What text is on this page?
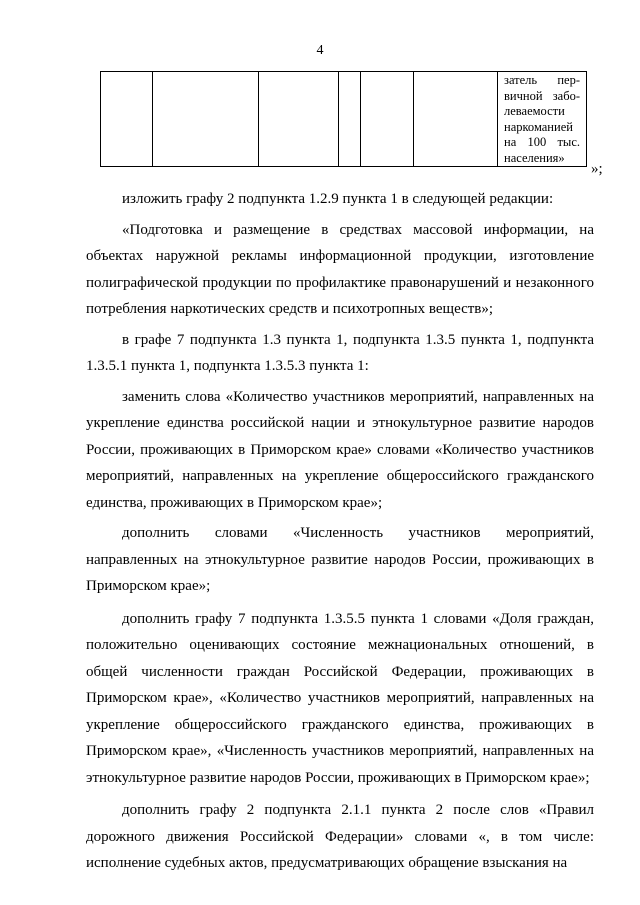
4

затель пер-
вичной забо-
леваемости
наркоманией
на 100 тыс.
населения»
»;

изложить графу 2 подпункта 1.2.9 пункта 1 в следующей редакции:

«Подготовка и размещение в средствах массовой информации, на объектах наружной рекламы информационной продукции, изготовление полиграфической продукции по профилактике правонарушений и незаконного потребления наркотических средств и психотропных веществ»;

в графе 7 подпункта 1.3 пункта 1, подпункта 1.3.5 пункта 1, подпункта 1.3.5.1 пункта 1, подпункта 1.3.5.3 пункта 1:

заменить слова «Количество участников мероприятий, направленных на укрепление единства российской нации и этнокультурное развитие народов России, проживающих в Приморском крае» словами «Количество участников мероприятий, направленных на укрепление общероссийского гражданского единства, проживающих в Приморском крае»;

дополнить словами «Численность участников мероприятий, направленных на этнокультурное развитие народов России, проживающих в Приморском крае»;

дополнить графу 7 подпункта 1.3.5.5 пункта 1 словами «Доля граждан, положительно оценивающих состояние межнациональных отношений, в общей численности граждан Российской Федерации, проживающих в Приморском крае», «Количество участников мероприятий, направленных на укрепление общероссийского гражданского единства, проживающих в Приморском крае», «Численность участников мероприятий, направленных на этнокультурное развитие народов России, проживающих в Приморском крае»;

дополнить графу 2 подпункта 2.1.1 пункта 2 после слов «Правил дорожного движения Российской Федерации» словами «, в том числе: исполнение судебных актов, предусматривающих обращение взыскания на
